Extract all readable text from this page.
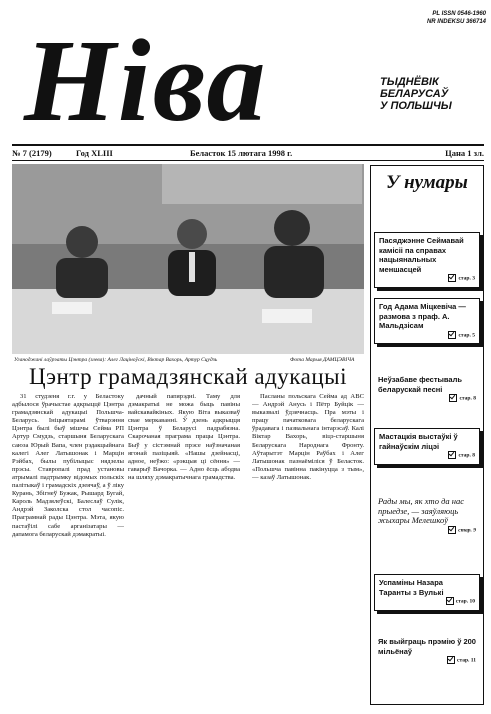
PL ISSN 0546-1960
NR INDEKSU 366714
Ніва	ТЫДНЁВІК
БЕЛАРУСАЎ
У ПОЛЬШЧЫ
№ 7 (2179)	Год XLIII	Беласток 15 лютага 1998 г.	Цана 1 зл.
Уганоджані лаўрэаты Цэнтра (злева): Алег Лаціноўскі, Віктар Вахорь, Артур Сцудзь	Фота Марыя ДАМЦЭВІЧА
Цэнтр грамадзянскай адукацыі

31 студзеня г.г. у Беластоку адбылося ўрачыстае адкрыццё Цэнтра грамадзянскай адукацыі Польшча-Беларусь. Ініцыятарамі ўтварэння Цэнтра былі быў мішчы Сейма РП Артур Смудзь, старшыня Беларускага саюза Юрый Вапа, член рэдакцыйнага калегі Алег Латышонак і Марцін Рэйбах, былы пубілыцыс нядзелы прэсы. Ставропалі прад установы атрымалі падтрымку відомых польскіх палітыкаў і грамадскіх дзеячаў, а ў ліку Курань, Збігнеў Бужак, Рышард Бугай, Кароль Мадзялеўскі, Балеслаў Сулік, Андрэй Заколска стол часопіс. Праграмнай рады Цэнтра. Мэта, якую пастаўілі сабе арганізатары — дапамога беларускай дэмакратыі.

дачный папярэдні. Таму для дэмакратыі не можа быць павіны вайскавайкіных. Якую Віта выказваў свае меркаванні. Ў дзень адкрыцця Цэнтра ў Беларусі падрабязна. Скарочаная праграма працы Цэнтра. Быў у сістэмнай прэсе наўзначаная ягонай пазіцыяй. «Нашы дзейнасці, адное, неўжо: «рэкцыя ці сёння» — гаварыў Вачорка. — Адно ёсць абодва на шляху дэмакратычнага грамадства.

Пасланы польскага Сейма ад АВС — Андрэй Анусь і Пётр Буйцік — выказвалі ўдзячнасць. Пра мэты і працу пачатковага беларускага ўрадавага і пазвальнага інтарэсаў. Калі Віктар Вахорь, віцэ-старшыня Беларускага Народнага Фронту. Аўтарытэт Марцін Раўбах і Алег Латышонак пазнаёміліся ў Беласток. «Польшча павінна пакінуцца з тым», — казаў Латышонак.

У нумары
Пасяджэнне Сеймавай камісіі па справах нацыянальных меншасцей
стар. 3
Год Адама Міцкевіча — размова з праф. А. Мальдзісам
стар. 5
Неўзабаве фестываль беларускай песні
стар. 8
Мастацкія выстаўкі ў гайнаўскім ліцэі
стар. 8
Рады мы, як хто да нас прыедзе, — заяўляюць жыхары Мелешкоў
стар. 9
Успаміны Назара Таранты з Вулькі
стар. 10
Як выйграць прэмію ў 200 мільёнаў
стар. 11
